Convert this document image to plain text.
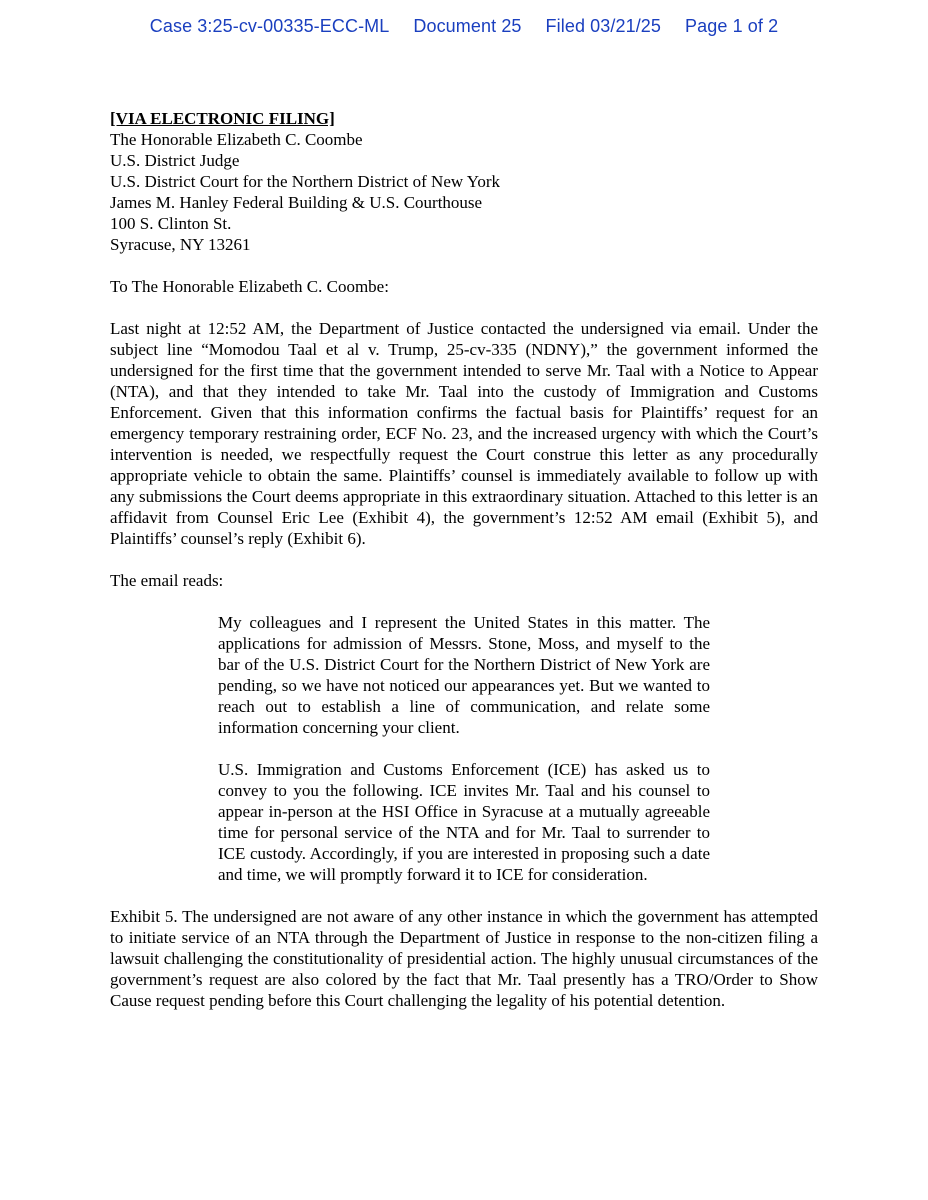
Case 3:25-cv-00335-ECC-ML Document 25 Filed 03/21/25 Page 1 of 2
[VIA ELECTRONIC FILING]
The Honorable Elizabeth C. Coombe
U.S. District Judge
U.S. District Court for the Northern District of New York
James M. Hanley Federal Building & U.S. Courthouse
100 S. Clinton St.
Syracuse, NY 13261
To The Honorable Elizabeth C. Coombe:
Last night at 12:52 AM, the Department of Justice contacted the undersigned via email. Under the subject line “Momodou Taal et al v. Trump, 25-cv-335 (NDNY),” the government informed the undersigned for the first time that the government intended to serve Mr. Taal with a Notice to Appear (NTA), and that they intended to take Mr. Taal into the custody of Immigration and Customs Enforcement. Given that this information confirms the factual basis for Plaintiffs’ request for an emergency temporary restraining order, ECF No. 23, and the increased urgency with which the Court’s intervention is needed, we respectfully request the Court construe this letter as any procedurally appropriate vehicle to obtain the same. Plaintiffs’ counsel is immediately available to follow up with any submissions the Court deems appropriate in this extraordinary situation. Attached to this letter is an affidavit from Counsel Eric Lee (Exhibit 4), the government’s 12:52 AM email (Exhibit 5), and Plaintiffs’ counsel’s reply (Exhibit 6).
The email reads:

My colleagues and I represent the United States in this matter. The applications for admission of Messrs. Stone, Moss, and myself to the bar of the U.S. District Court for the Northern District of New York are pending, so we have not noticed our appearances yet. But we wanted to reach out to establish a line of communication, and relate some information concerning your client.

U.S. Immigration and Customs Enforcement (ICE) has asked us to convey to you the following. ICE invites Mr. Taal and his counsel to appear in-person at the HSI Office in Syracuse at a mutually agreeable time for personal service of the NTA and for Mr. Taal to surrender to ICE custody. Accordingly, if you are interested in proposing such a date and time, we will promptly forward it to ICE for consideration.

Exhibit 5. The undersigned are not aware of any other instance in which the government has attempted to initiate service of an NTA through the Department of Justice in response to the non-citizen filing a lawsuit challenging the constitutionality of presidential action. The highly unusual circumstances of the government’s request are also colored by the fact that Mr. Taal presently has a TRO/Order to Show Cause request pending before this Court challenging the legality of his potential detention.
